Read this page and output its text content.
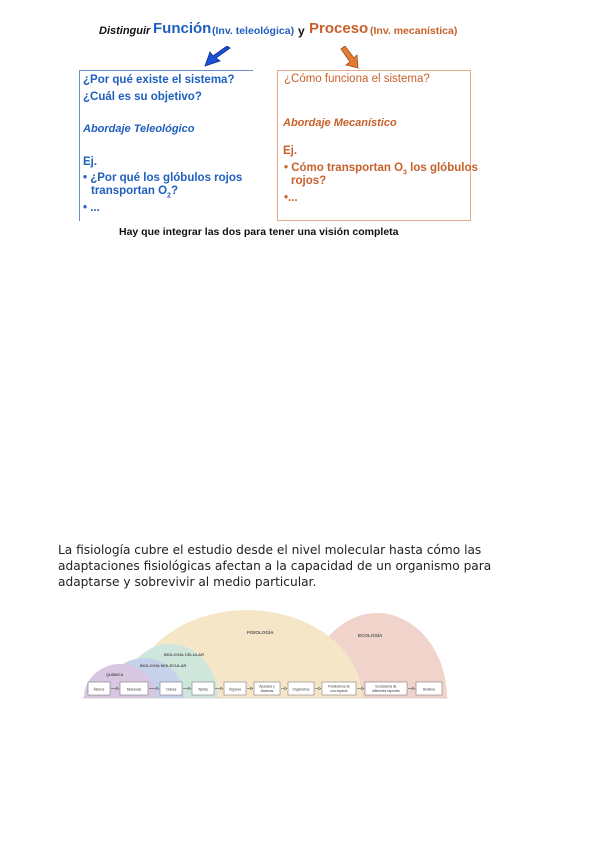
Distinguir Función (Inv. teleológica) y Proceso (Inv. mecanística)
¿Por qué existe el sistema?
¿Cuál es su objetivo?
Abordaje Teleológico
Ej.
• ¿Por qué los glóbulos rojos
transportan $O_2$?
• ...
¿Cómo funciona el sistema?
Abordaje Mecanístico
Ej.
• Cómo transportan $O_3$ los glóbulos
rojos?
•...
Hay que integrar las dos para tener una visión completa
La fisiología cubre el estudio desde el nivel molecular hasta cómo las
adaptaciones fisiológicas afectan a la capacidad de un organismo para
adaptarse y sobrevivir al medio particular.
FISIOLOGÍA
ECOLOGÍA
BIOLOGÍA CELULAR
BIOLOGÍA MOLECULAR
QUÍMICA
Átomos	Moléculas	Células	Tejidos	Órganos
Aparatos y
sistemas	Organismos
Poblaciones de
una especie
Ecosistema de
diferentes especies	Biosfera
